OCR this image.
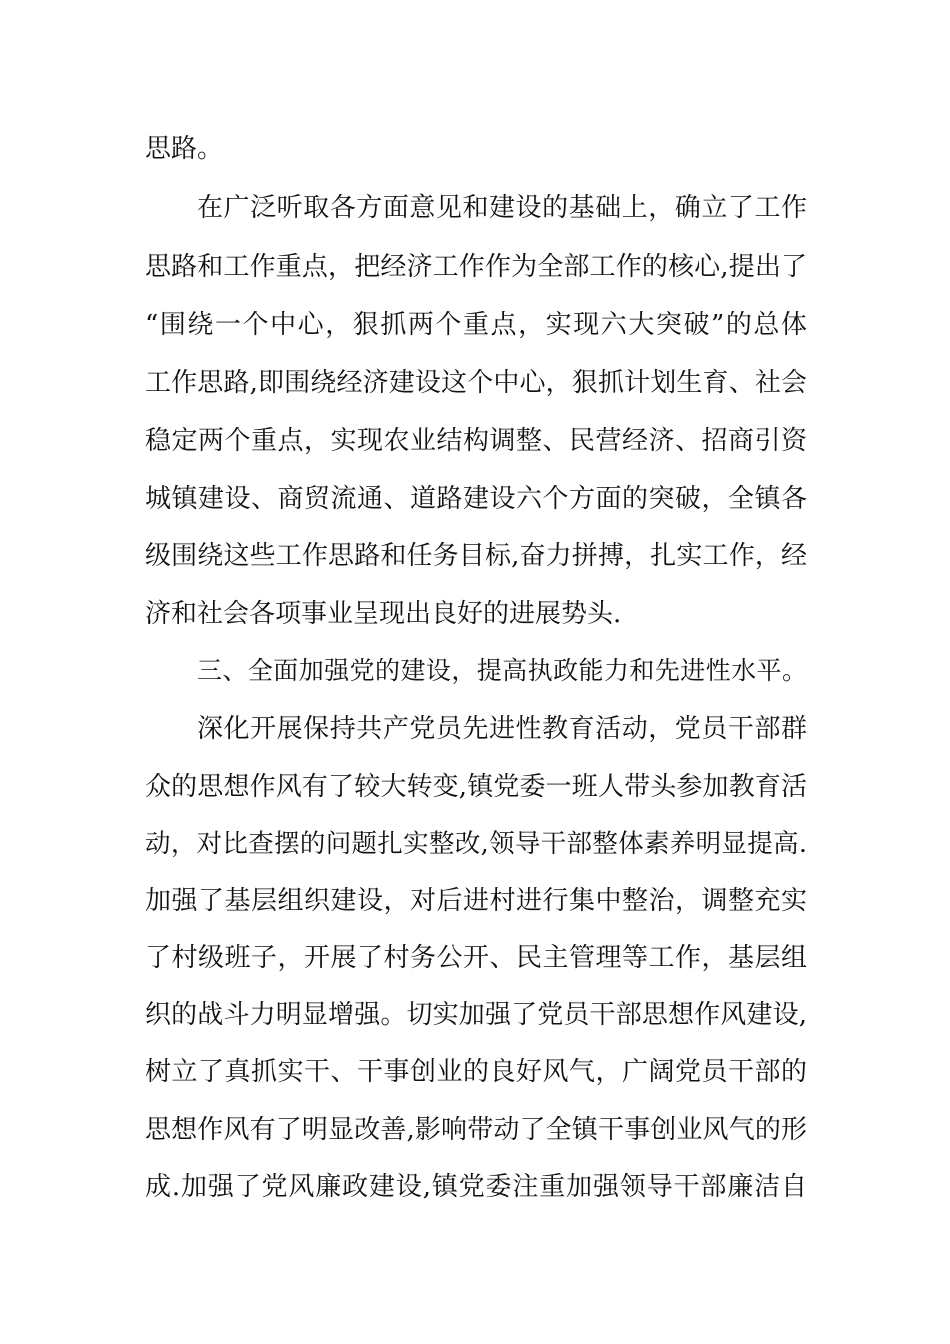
思路。
在广泛听取各方面意见和建设的基础上，确立了工作
思路和工作重点，把经济工作作为全部工作的核心,提出了
“围绕一个中心，狠抓两个重点，实现六大突破”的总体
工作思路,即围绕经济建设这个中心，狠抓计划生育、社会
稳定两个重点，实现农业结构调整、民营经济、招商引资
城镇建设、商贸流通、道路建设六个方面的突破，全镇各
级围绕这些工作思路和任务目标,奋力拼搏，扎实工作，经
济和社会各项事业呈现出良好的进展势头.
三、全面加强党的建设，提高执政能力和先进性水平。
深化开展保持共产党员先进性教育活动，党员干部群
众的思想作风有了较大转变,镇党委一班人带头参加教育活
动，对比查摆的问题扎实整改,领导干部整体素养明显提高.
加强了基层组织建设，对后进村进行集中整治，调整充实
了村级班子，开展了村务公开、民主管理等工作，基层组
织的战斗力明显增强。切实加强了党员干部思想作风建设,
树立了真抓实干、干事创业的良好风气，广阔党员干部的
思想作风有了明显改善,影响带动了全镇干事创业风气的形
成.加强了党风廉政建设,镇党委注重加强领导干部廉洁自
